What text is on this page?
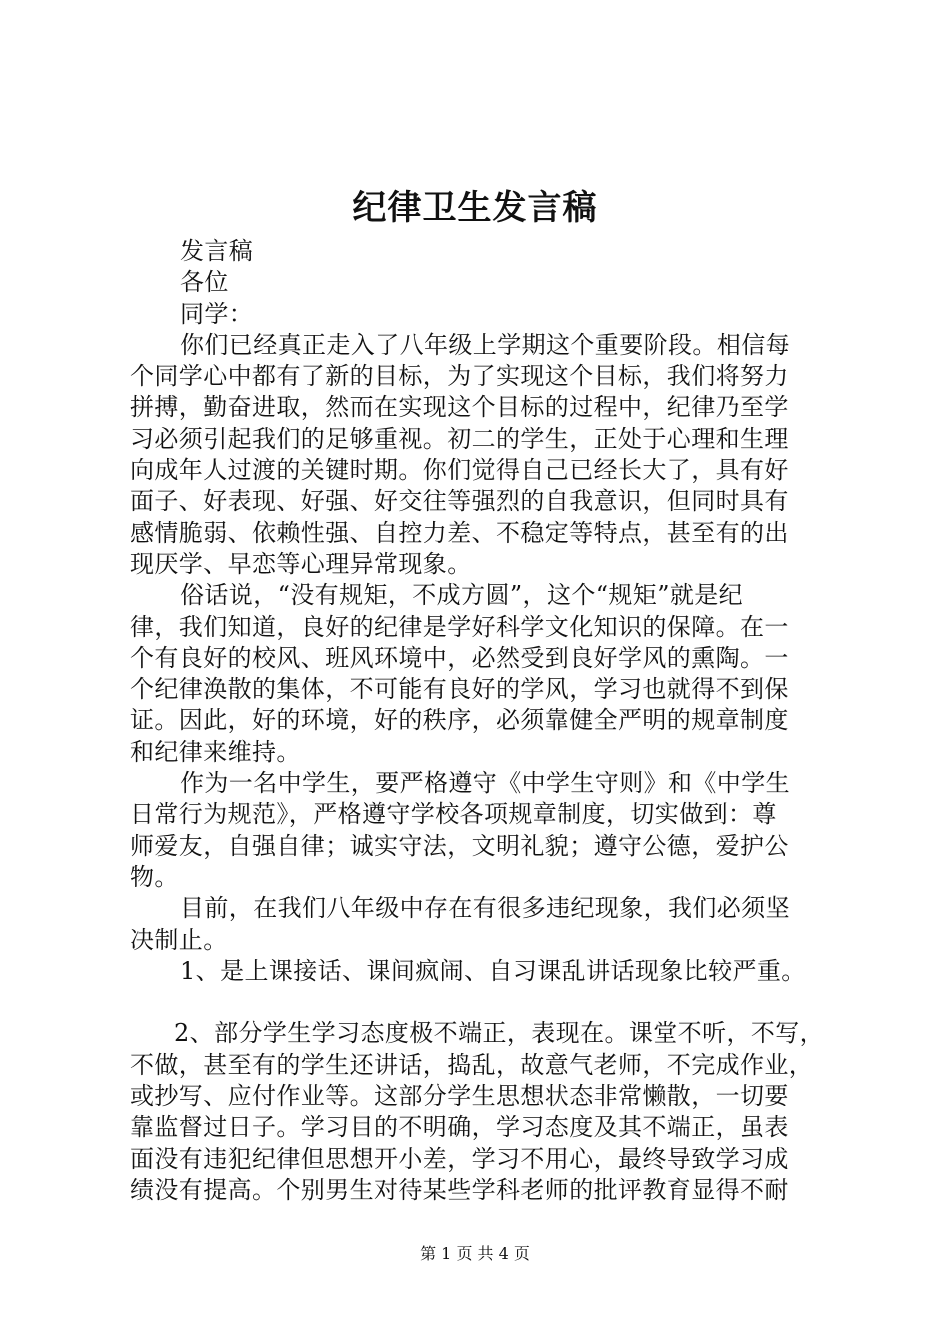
纪律卫生发言稿

发言稿

各位

同学：

你们已经真正走入了八年级上学期这个重要阶段。相信每

个同学心中都有了新的目标，为了实现这个目标，我们将努力

拼搏，勤奋进取，然而在实现这个目标的过程中，纪律乃至学

习必须引起我们的足够重视。初二的学生，正处于心理和生理

向成年人过渡的关键时期。你们觉得自己已经长大了，具有好

面子、好表现、好强、好交往等强烈的自我意识，但同时具有

感情脆弱、依赖性强、自控力差、不稳定等特点，甚至有的出

现厌学、早恋等心理异常现象。

俗话说，“没有规矩，不成方圆”，这个“规矩”就是纪

律，我们知道，良好的纪律是学好科学文化知识的保障。在一

个有良好的校风、班风环境中，必然受到良好学风的熏陶。一

个纪律涣散的集体，不可能有良好的学风，学习也就得不到保

证。因此，好的环境，好的秩序，必须靠健全严明的规章制度

和纪律来维持。

作为一名中学生，要严格遵守《中学生守则》和《中学生

日常行为规范》，严格遵守学校各项规章制度，切实做到：尊

师爱友，自强自律；诚实守法，文明礼貌；遵守公德，爱护公

物。

目前，在我们八年级中存在有很多违纪现象，我们必须坚

决制止。

1、是上课接话、课间疯闹、自习课乱讲话现象比较严重。

2、部分学生学习态度极不端正，表现在。课堂不听，不写，

不做，甚至有的学生还讲话，捣乱，故意气老师，不完成作业，

或抄写、应付作业等。这部分学生思想状态非常懒散，一切要

靠监督过日子。学习目的不明确，学习态度及其不端正，虽表

面没有违犯纪律但思想开小差，学习不用心，最终导致学习成

绩没有提高。个别男生对待某些学科老师的批评教育显得不耐

第 1 页 共 4 页
